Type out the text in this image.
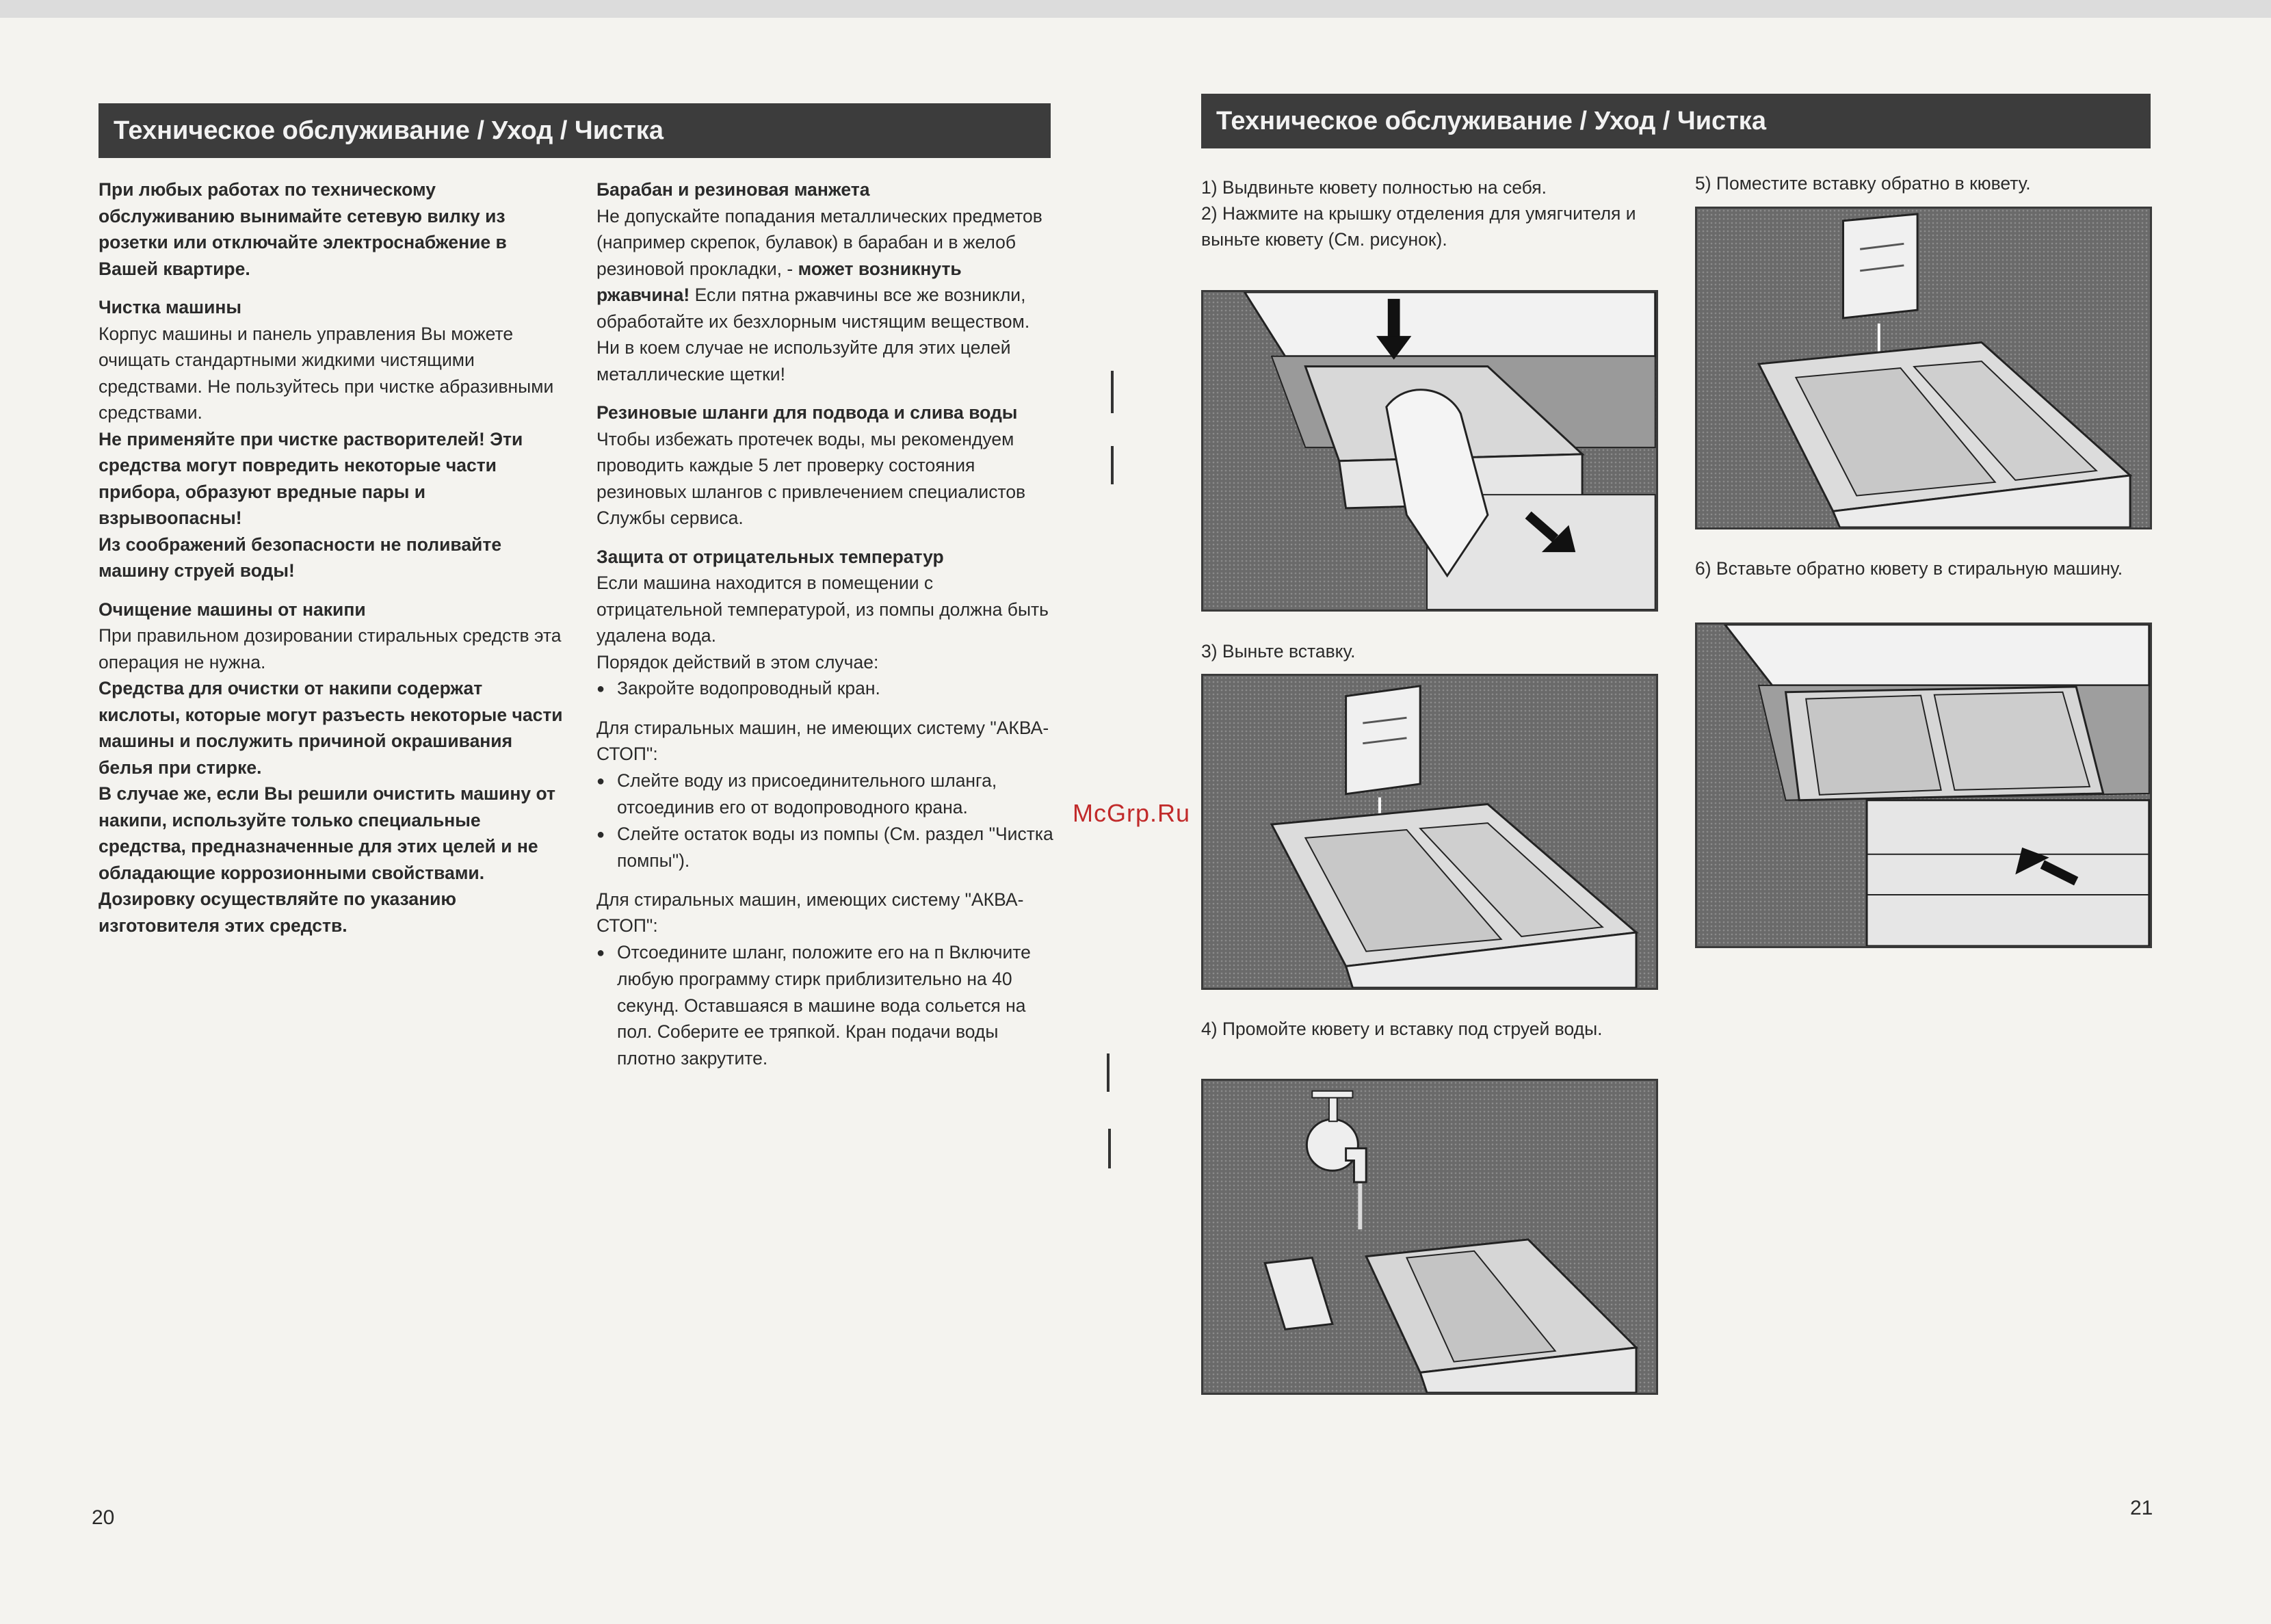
Техническое обслуживание / Уход / Чистка

При любых работах по техническому обслуживанию вынимайте сетевую вилку из розетки или отключайте электроснабжение в Вашей квартире.

Чистка машины

Корпус машины и панель управления Вы можете очищать стандартными жидкими чистящими средствами. Не пользуйтесь при чистке абразивными средствами.

Не применяйте при чистке растворителей! Эти средства могут повредить некоторые части прибора, образуют вредные пары и взрывоопасны!

Из соображений безопасности не поливайте машину струей воды!

Очищение машины от накипи

При правильном дозировании стиральных средств эта операция не нужна.

Средства для очистки от накипи содержат кислоты, которые могут разъесть некоторые части машины и послужить причиной окрашивания белья при стирке.

В случае же, если Вы решили очистить машину от накипи, используйте только специальные средства, предназначенные для этих целей и не обладающие коррозионными свойствами. Дозировку осуществляйте по указанию изготовителя этих средств.

Барабан и резиновая манжета

Не допускайте попадания металлических предметов (например скрепок, булавок) в барабан и в желоб резиновой прокладки, - может возникнуть ржавчина! Если пятна ржавчины все же возникли, обработайте их безхлорным чистящим веществом. Ни в коем случае не используйте для этих целей металлические щетки!

Резиновые шланги для подвода и слива воды

Чтобы избежать протечек воды, мы рекомендуем проводить каждые 5 лет проверку состояния резиновых шлангов с привлечением специалистов Службы сервиса.

Защита от отрицательных температур

Если машина находится в помещении с отрицательной температурой, из помпы должна быть удалена вода.

Порядок действий в этом случае:

● Закройте водопроводный кран.

Для стиральных машин, не имеющих систему "АКВА-СТОП":

● Слейте воду из присоединительного шланга, отсоединив его от водопроводного крана.

● Слейте остаток воды из помпы (См. раздел "Чистка помпы").

Для стиральных машин, имеющих систему "АКВА-СТОП":

● Отсоедините шланг, положите его на п Включите любую программу стирк приблизительно на 40 секунд. Оставшаяся в машине вода сольется на пол. Соберите ее тряпкой. Кран подачи воды плотно закрутите.

20
Техническое обслуживание / Уход / Чистка

1) Выдвиньте кювету полностью на себя.

2) Нажмите на крышку отделения для умягчителя и выньте кювету (См. рисунок).

3) Выньте вставку.

4) Промойте кювету и вставку под струей воды.

5) Поместите вставку обратно в кювету.

6) Вставьте обратно кювету в стиральную машину.

McGrp.Ru
21
